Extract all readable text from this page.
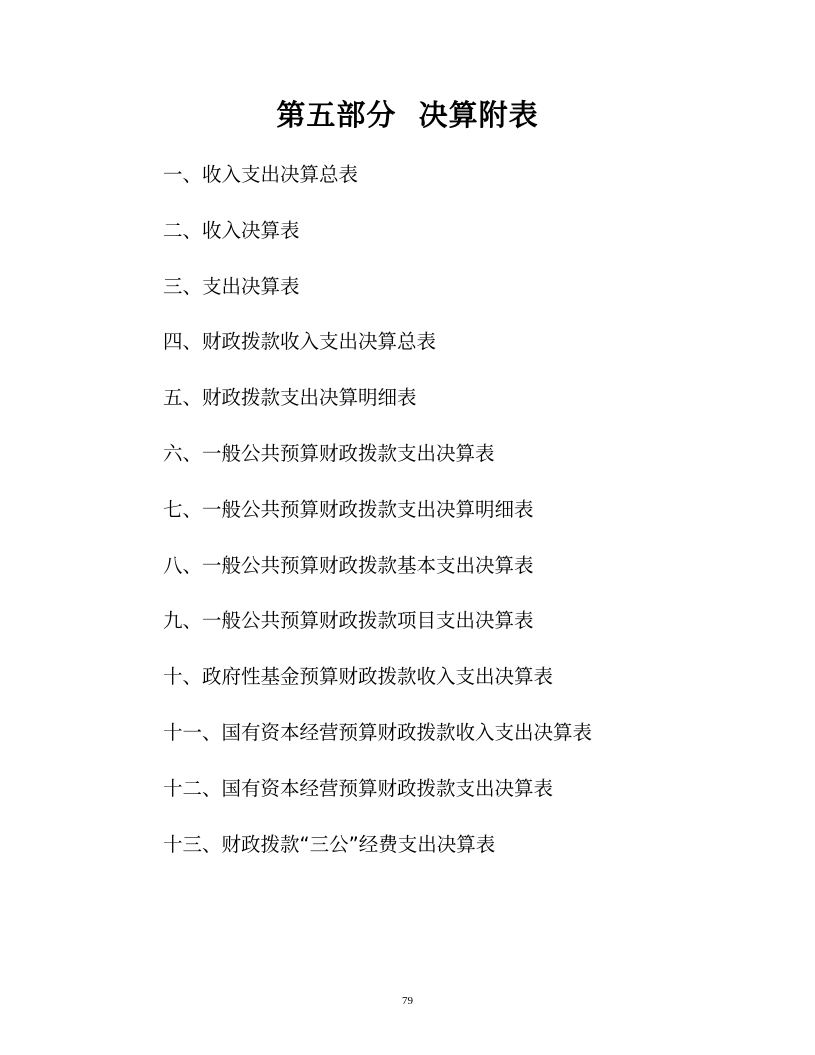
第五部分  决算附表
一、收入支出决算总表
二、收入决算表
三、支出决算表
四、财政拨款收入支出决算总表
五、财政拨款支出决算明细表
六、一般公共预算财政拨款支出决算表
七、一般公共预算财政拨款支出决算明细表
八、一般公共预算财政拨款基本支出决算表
九、一般公共预算财政拨款项目支出决算表
十、政府性基金预算财政拨款收入支出决算表
十一、国有资本经营预算财政拨款收入支出决算表
十二、国有资本经营预算财政拨款支出决算表
十三、财政拨款“三公”经费支出决算表
79
